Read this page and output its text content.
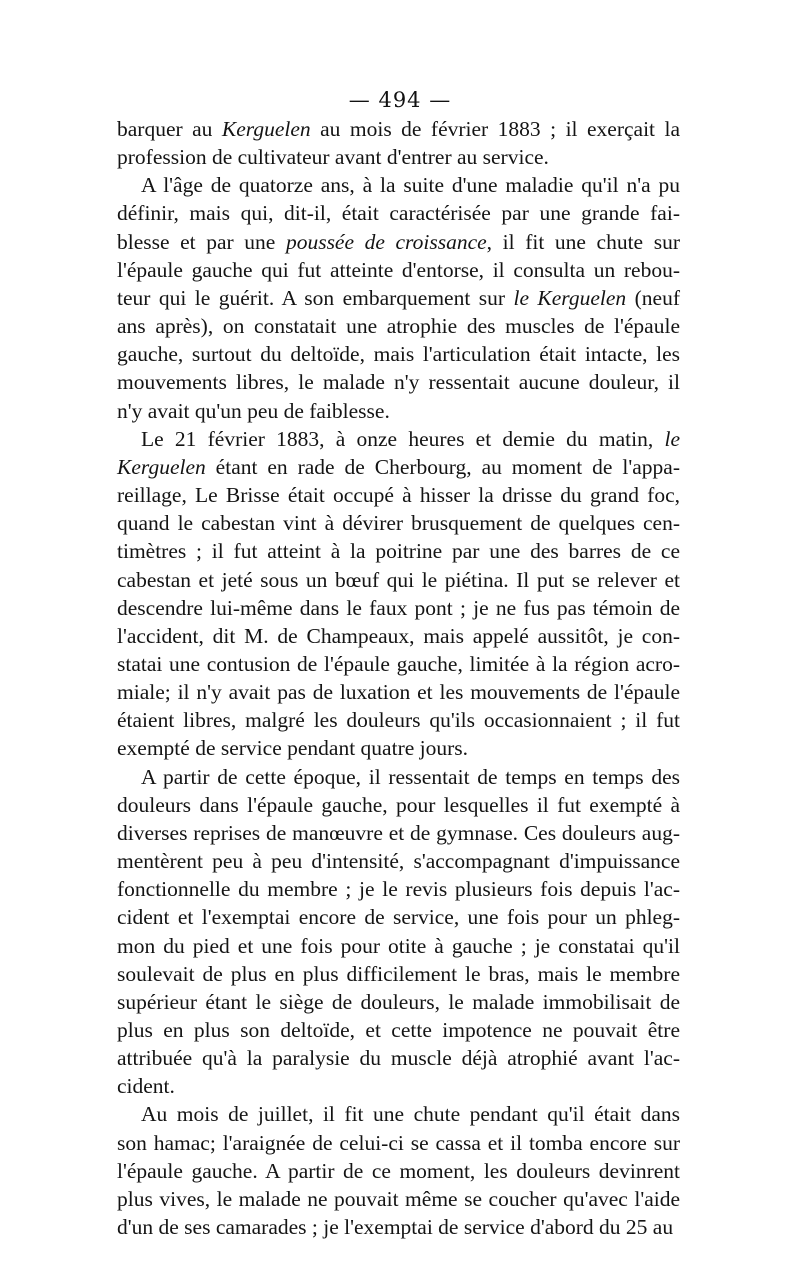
— 494 —

barquer au Kerguelen au mois de février 1883 ; il exerçait la
profession de cultivateur avant d'entrer au service.

A l'âge de quatorze ans, à la suite d'une maladie qu'il n'a pu
définir, mais qui, dit-il, était caractérisée par une grande fai-
blesse et par une poussée de croissance, il fit une chute sur
l'épaule gauche qui fut atteinte d'entorse, il consulta un rebou-
teur qui le guérit. A son embarquement sur le Kerguelen (neuf
ans après), on constatait une atrophie des muscles de l'épaule
gauche, surtout du deltoïde, mais l'articulation était intacte, les
mouvements libres, le malade n'y ressentait aucune douleur, il
n'y avait qu'un peu de faiblesse.

Le 21 février 1883, à onze heures et demie du matin, le
Kerguelen étant en rade de Cherbourg, au moment de l'appa-
reillage, Le Brisse était occupé à hisser la drisse du grand foc,
quand le cabestan vint à dévirer brusquement de quelques cen-
timètres ; il fut atteint à la poitrine par une des barres de ce
cabestan et jeté sous un bœuf qui le piétina. Il put se relever et
descendre lui-même dans le faux pont ; je ne fus pas témoin de
l'accident, dit M. de Champeaux, mais appelé aussitôt, je con-
statai une contusion de l'épaule gauche, limitée à la région acro-
miale; il n'y avait pas de luxation et les mouvements de l'épaule
étaient libres, malgré les douleurs qu'ils occasionnaient ; il fut
exempté de service pendant quatre jours.

A partir de cette époque, il ressentait de temps en temps des
douleurs dans l'épaule gauche, pour lesquelles il fut exempté à
diverses reprises de manœuvre et de gymnase. Ces douleurs aug-
mentèrent peu à peu d'intensité, s'accompagnant d'impuissance
fonctionnelle du membre ; je le revis plusieurs fois depuis l'ac-
cident et l'exemptai encore de service, une fois pour un phleg-
mon du pied et une fois pour otite à gauche ; je constatai qu'il
soulevait de plus en plus difficilement le bras, mais le membre
supérieur étant le siège de douleurs, le malade immobilisait de
plus en plus son deltoïde, et cette impotence ne pouvait être
attribuée qu'à la paralysie du muscle déjà atrophié avant l'ac-
cident.

Au mois de juillet, il fit une chute pendant qu'il était dans
son hamac; l'araignée de celui-ci se cassa et il tomba encore sur
l'épaule gauche. A partir de ce moment, les douleurs devinrent
plus vives, le malade ne pouvait même se coucher qu'avec l'aide
d'un de ses camarades ; je l'exemptai de service d'abord du 25 au
